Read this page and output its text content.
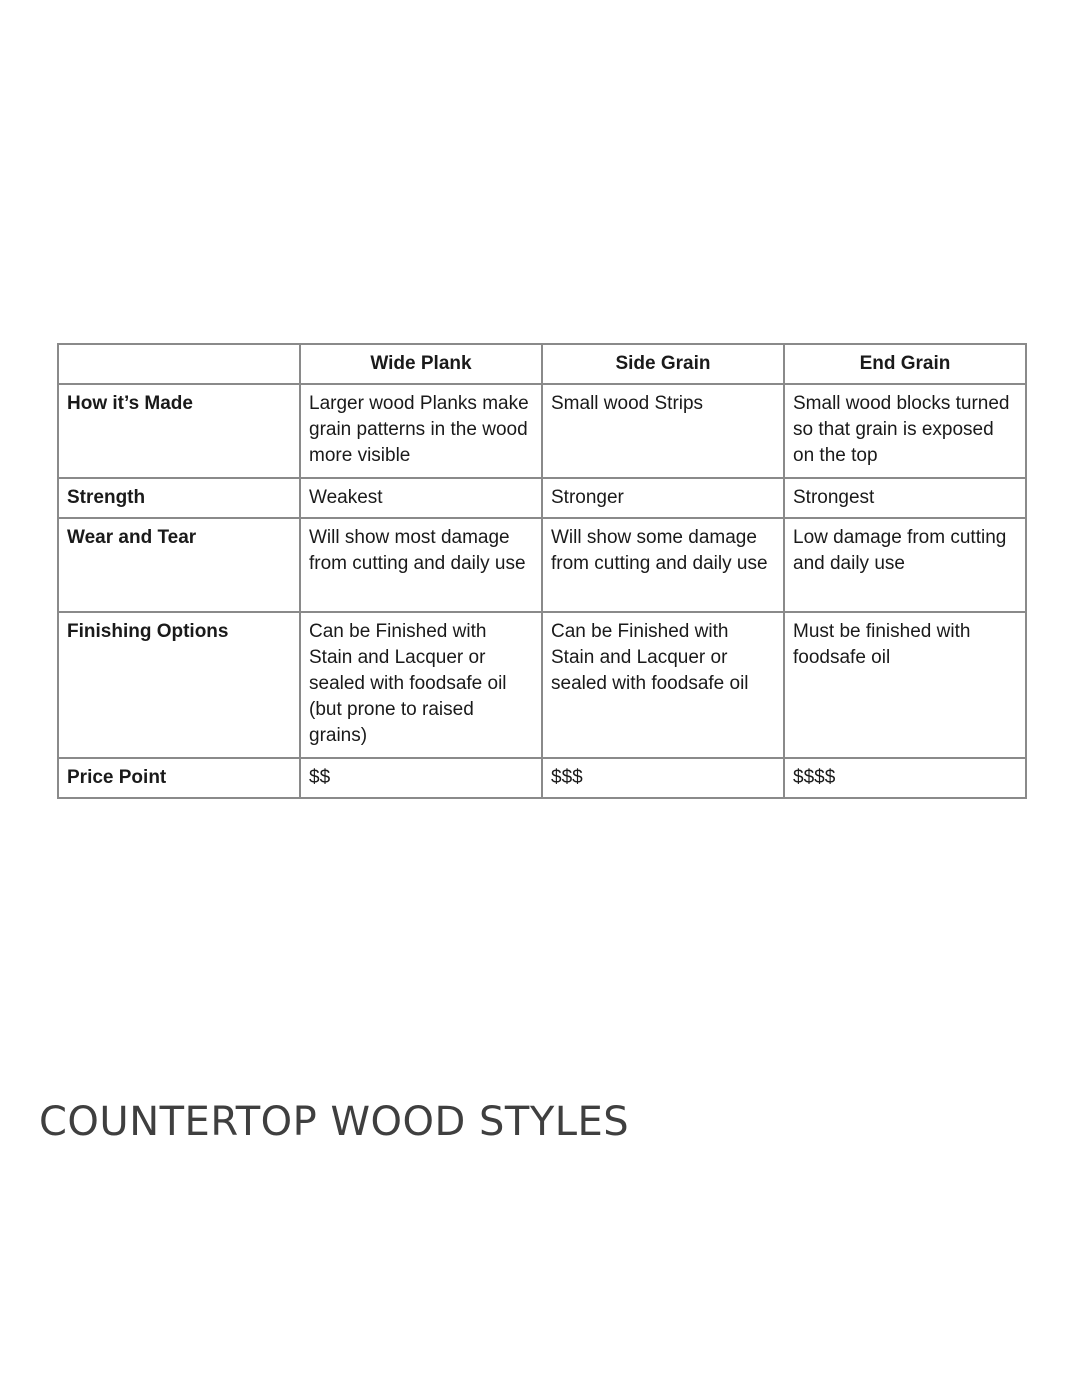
	Wide Plank	Side Grain	End Grain
How it’s Made	Larger wood Planks make grain patterns in the wood more visible	Small wood Strips	Small wood blocks turned so that grain is exposed on the top
Strength	Weakest	Stronger	Strongest
Wear and Tear	Will show most damage from cutting and daily use	Will show some damage from cutting and daily use	Low damage from cutting and daily use
Finishing Options	Can be Finished with Stain and Lacquer or sealed with foodsafe oil (but prone to raised grains)	Can be Finished with Stain and Lacquer or sealed with foodsafe oil	Must be finished with foodsafe oil
Price Point	$$	$$$	$$$$
COUNTERTOP WOOD STYLES
